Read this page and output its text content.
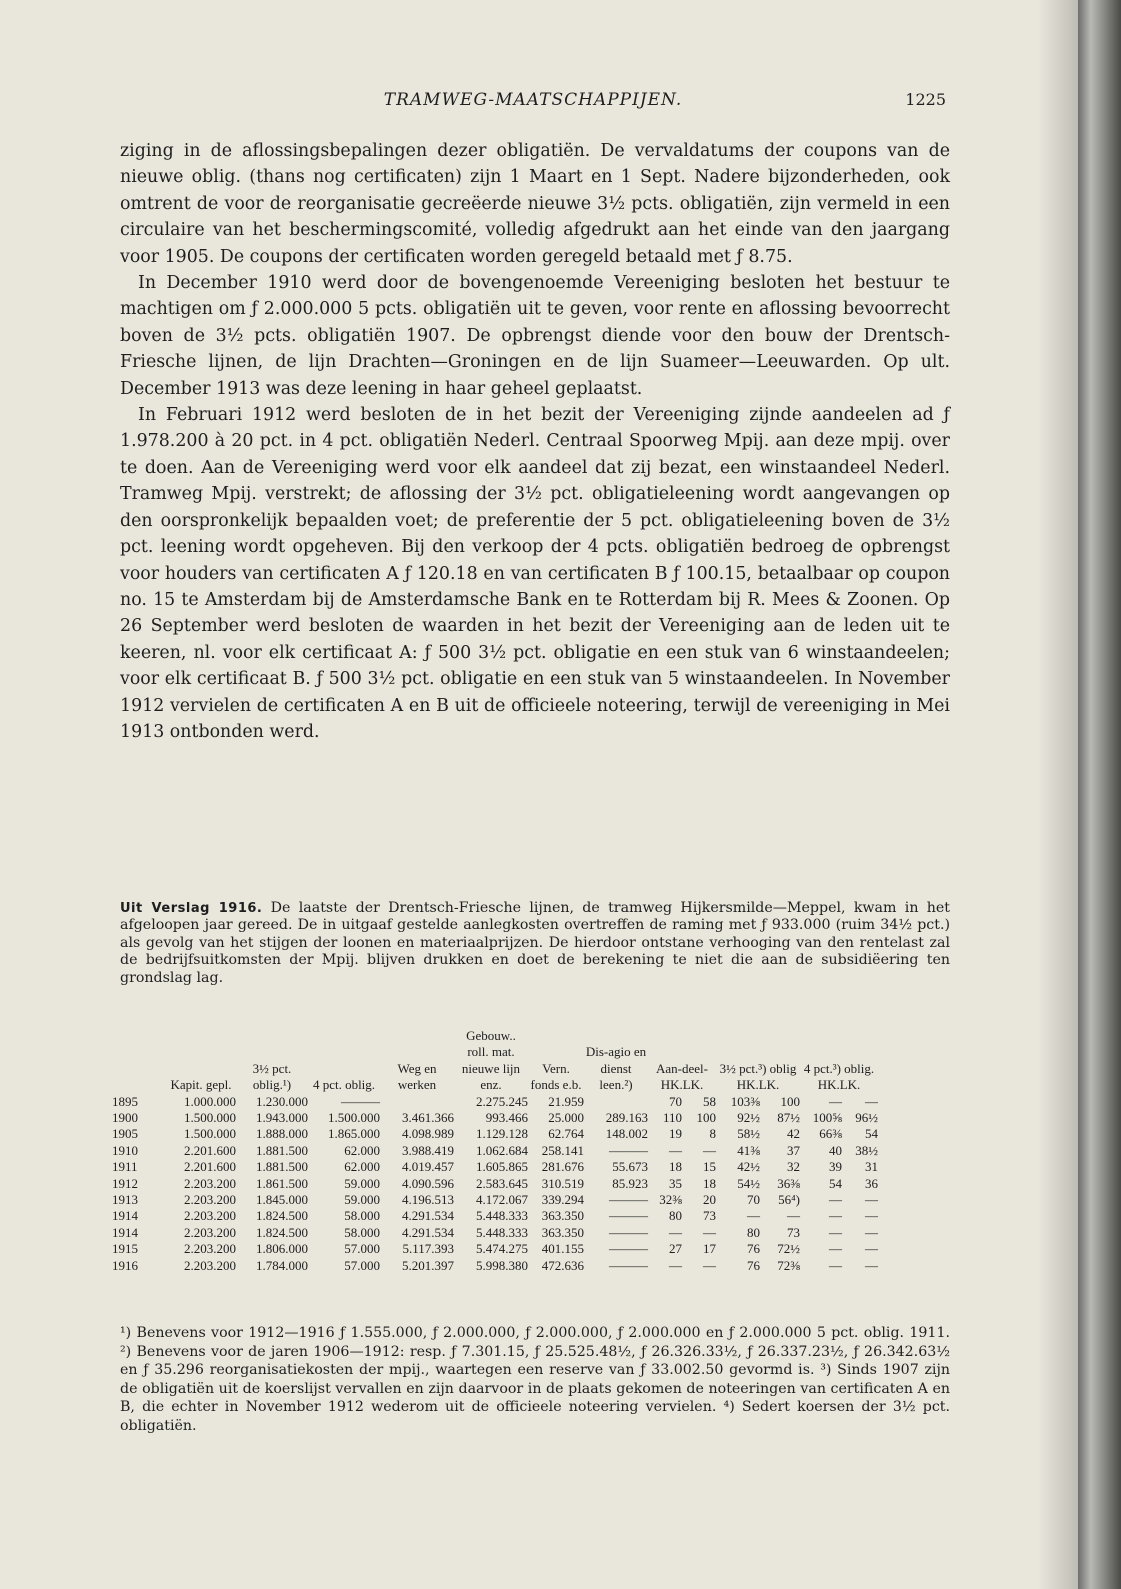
TRAMWEG-MAATSCHAPPIJEN.	1225

ziging in de aflossingsbepalingen dezer obligatiën. De vervaldatums der coupons van de nieuwe oblig. (thans nog certificaten) zijn 1 Maart en 1 Sept. Nadere bijzonderheden, ook omtrent de voor de reorganisatie gecreëerde nieuwe 3½ pcts. obligatiën, zijn vermeld in een circulaire van het beschermingscomité, volledig afgedrukt aan het einde van den jaargang voor 1905. De coupons der certificaten worden geregeld betaald met ƒ 8.75.

In December 1910 werd door de bovengenoemde Vereeniging besloten het bestuur te machtigen om ƒ 2.000.000 5 pcts. obligatiën uit te geven, voor rente en aflossing bevoorrecht boven de 3½ pcts. obligatiën 1907. De opbrengst diende voor den bouw der Drentsch-Friesche lijnen, de lijn Drachten—Groningen en de lijn Suameer—Leeuwarden. Op ult. December 1913 was deze leening in haar geheel geplaatst.

In Februari 1912 werd besloten de in het bezit der Vereeniging zijnde aandeelen ad ƒ 1.978.200 à 20 pct. in 4 pct. obligatiën Nederl. Centraal Spoorweg Mpij. aan deze mpij. over te doen. Aan de Vereeniging werd voor elk aandeel dat zij bezat, een winstaandeel Nederl. Tramweg Mpij. verstrekt; de aflossing der 3½ pct. obligatieleening wordt aangevangen op den oorspronkelijk bepaalden voet; de preferentie der 5 pct. obligatieleening boven de 3½ pct. leening wordt opgeheven. Bij den verkoop der 4 pcts. obligatiën bedroeg de opbrengst voor houders van certificaten A ƒ 120.18 en van certificaten B ƒ 100.15, betaalbaar op coupon no. 15 te Amsterdam bij de Amsterdamsche Bank en te Rotterdam bij R. Mees & Zoonen. Op 26 September werd besloten de waarden in het bezit der Vereeniging aan de leden uit te keeren, nl. voor elk certificaat A: ƒ 500 3½ pct. obligatie en een stuk van 6 winstaandeelen; voor elk certificaat B. ƒ 500 3½ pct. obligatie en een stuk van 5 winstaandeelen. In November 1912 vervielen de certificaten A en B uit de officieele noteering, terwijl de vereeniging in Mei 1913 ontbonden werd.

Uit Verslag 1916. De laatste der Drentsch-Friesche lijnen, de tramweg Hijkersmilde—Meppel, kwam in het afgeloopen jaar gereed. De in uitgaaf gestelde aanlegkosten overtreffen de raming met ƒ 933.000 (ruim 34½ pct.) als gevolg van het stijgen der loonen en materiaalprijzen. De hierdoor ontstane verhooging van den rentelast zal de bedrijfsuitkomsten der Mpij. blijven drukken en doet de berekening te niet die aan de subsidiëering ten grondslag lag.
	Kapit. gepl.	3½ pct. oblig.¹)	4 pct. oblig.	Weg en werken	Gebouw.. roll. mat. nieuwe lijn enz.	Vern. fonds e.b.	Dis-agio en dienst leen.²)	Aan-deel- HK.LK.		3½ pct.³) oblig HK.LK.		4 pct.³) oblig. HK.LK.	
1895	1.000.000	1.230.000	———		2.275.245	21.959		70	58	103⅜	100	—	—
1900	1.500.000	1.943.000	1.500.000	3.461.366	993.466	25.000	289.163	110	100	92½	87½	100⅝	96½
1905	1.500.000	1.888.000	1.865.000	4.098.989	1.129.128	62.764	148.002	19	8	58½	42	66⅜	54
1910	2.201.600	1.881.500	62.000	3.988.419	1.062.684	258.141	———	—	—	41⅜	37	40	38½
1911	2.201.600	1.881.500	62.000	4.019.457	1.605.865	281.676	55.673	18	15	42½	32	39	31
1912	2.203.200	1.861.500	59.000	4.090.596	2.583.645	310.519	85.923	35	18	54½	36⅜	54	36
1913	2.203.200	1.845.000	59.000	4.196.513	4.172.067	339.294	———	32⅜	20	70	56⁴)	—	—
1914	2.203.200	1.824.500	58.000	4.291.534	5.448.333	363.350	———	80	73	—	—	—	—
1914	2.203.200	1.824.500	58.000	4.291.534	5.448.333	363.350	———	—	—	80	73	—	—
1915	2.203.200	1.806.000	57.000	5.117.393	5.474.275	401.155	———	27	17	76	72½	—	—
1916	2.203.200	1.784.000	57.000	5.201.397	5.998.380	472.636	———	—	—	76	72⅜	—	—
¹) Benevens voor 1912—1916 ƒ 1.555.000, ƒ 2.000.000, ƒ 2.000.000, ƒ 2.000.000 en ƒ 2.000.000 5 pct. oblig. 1911. ²) Benevens voor de jaren 1906—1912: resp. ƒ 7.301.15, ƒ 25.525.48½, ƒ 26.326.33½, ƒ 26.337.23½, ƒ 26.342.63½ en ƒ 35.296 reorganisatiekosten der mpij., waartegen een reserve van ƒ 33.002.50 gevormd is. ³) Sinds 1907 zijn de obligatiën uit de koerslijst vervallen en zijn daarvoor in de plaats gekomen de noteeringen van certificaten A en B, die echter in November 1912 wederom uit de officieele noteering vervielen. ⁴) Sedert koersen der 3½ pct. obligatiën.
